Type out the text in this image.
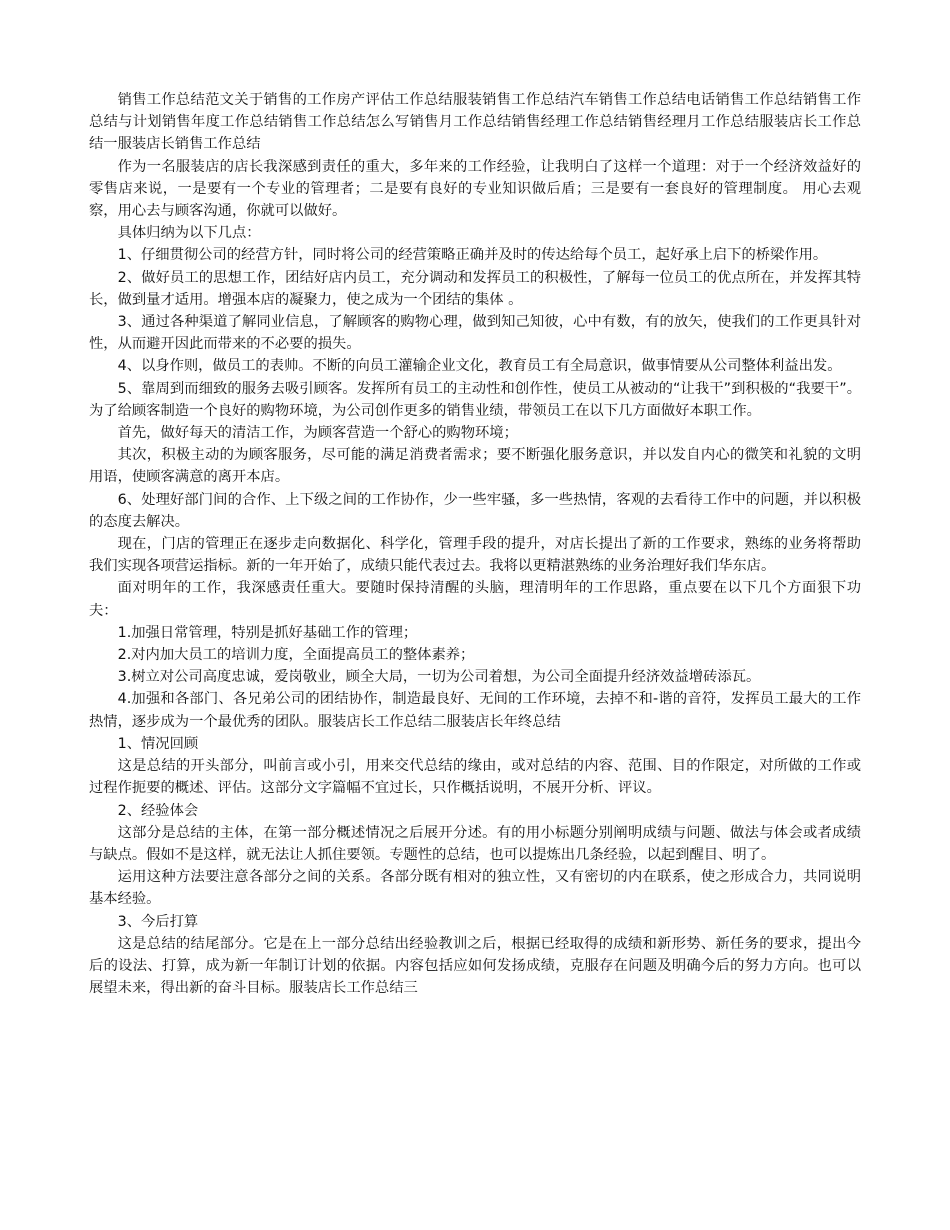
销售工作总结范文关于销售的工作房产评估工作总结服装销售工作总结汽车销售工作总结电话销售工作总结销售工作总结与计划销售年度工作总结销售工作总结怎么写销售月工作总结销售经理工作总结销售经理月工作总结服装店长工作总结一服装店长销售工作总结

作为一名服装店的店长我深感到责任的重大，多年来的工作经验，让我明白了这样一个道理：对于一个经济效益好的零售店来说，一是要有一个专业的管理者；二是要有良好的专业知识做后盾；三是要有一套良好的管理制度。 用心去观察，用心去与顾客沟通，你就可以做好。

具体归纳为以下几点：

1、仔细贯彻公司的经营方针，同时将公司的经营策略正确并及时的传达给每个员工，起好承上启下的桥梁作用。

2、做好员工的思想工作，团结好店内员工，充分调动和发挥员工的积极性，了解每一位员工的优点所在，并发挥其特长，做到量才适用。增强本店的凝聚力，使之成为一个团结的集体 。

3、通过各种渠道了解同业信息，了解顾客的购物心理，做到知己知彼，心中有数，有的放矢，使我们的工作更具针对性，从而避开因此而带来的不必要的损失。

4、以身作则，做员工的表帅。不断的向员工灌输企业文化，教育员工有全局意识，做事情要从公司整体利益出发。

5、靠周到而细致的服务去吸引顾客。发挥所有员工的主动性和创作性，使员工从被动的“让我干”到积极的“我要干”。为了给顾客制造一个良好的购物环境，为公司创作更多的销售业绩，带领员工在以下几方面做好本职工作。

首先，做好每天的清洁工作，为顾客营造一个舒心的购物环境；

其次，积极主动的为顾客服务，尽可能的满足消费者需求；要不断强化服务意识，并以发自内心的微笑和礼貌的文明用语，使顾客满意的离开本店。

6、处理好部门间的合作、上下级之间的工作协作，少一些牢骚，多一些热情，客观的去看待工作中的问题，并以积极的态度去解决。

现在，门店的管理正在逐步走向数据化、科学化，管理手段的提升，对店长提出了新的工作要求，熟练的业务将帮助我们实现各项营运指标。新的一年开始了，成绩只能代表过去。我将以更精湛熟练的业务治理好我们华东店。

面对明年的工作，我深感责任重大。要随时保持清醒的头脑，理清明年的工作思路，重点要在以下几个方面狠下功夫：

1.加强日常管理，特别是抓好基础工作的管理；

2.对内加大员工的培训力度，全面提高员工的整体素养；

3.树立对公司高度忠诚，爱岗敬业，顾全大局，一切为公司着想，为公司全面提升经济效益增砖添瓦。

4.加强和各部门、各兄弟公司的团结协作，制造最良好、无间的工作环境，去掉不和-谐的音符，发挥员工最大的工作热情，逐步成为一个最优秀的团队。服装店长工作总结二服装店长年终总结

1、情况回顾

这是总结的开头部分，叫前言或小引，用来交代总结的缘由，或对总结的内容、范围、目的作限定，对所做的工作或过程作扼要的概述、评估。这部分文字篇幅不宜过长，只作概括说明，不展开分析、评议。

2、经验体会

这部分是总结的主体，在第一部分概述情况之后展开分述。有的用小标题分别阐明成绩与问题、做法与体会或者成绩与缺点。假如不是这样，就无法让人抓住要领。专题性的总结，也可以提炼出几条经验，以起到醒目、明了。

运用这种方法要注意各部分之间的关系。各部分既有相对的独立性，又有密切的内在联系，使之形成合力，共同说明基本经验。

3、今后打算

这是总结的结尾部分。它是在上一部分总结出经验教训之后，根据已经取得的成绩和新形势、新任务的要求，提出今后的设法、打算，成为新一年制订计划的依据。内容包括应如何发扬成绩，克服存在问题及明确今后的努力方向。也可以展望未来，得出新的奋斗目标。服装店长工作总结三
